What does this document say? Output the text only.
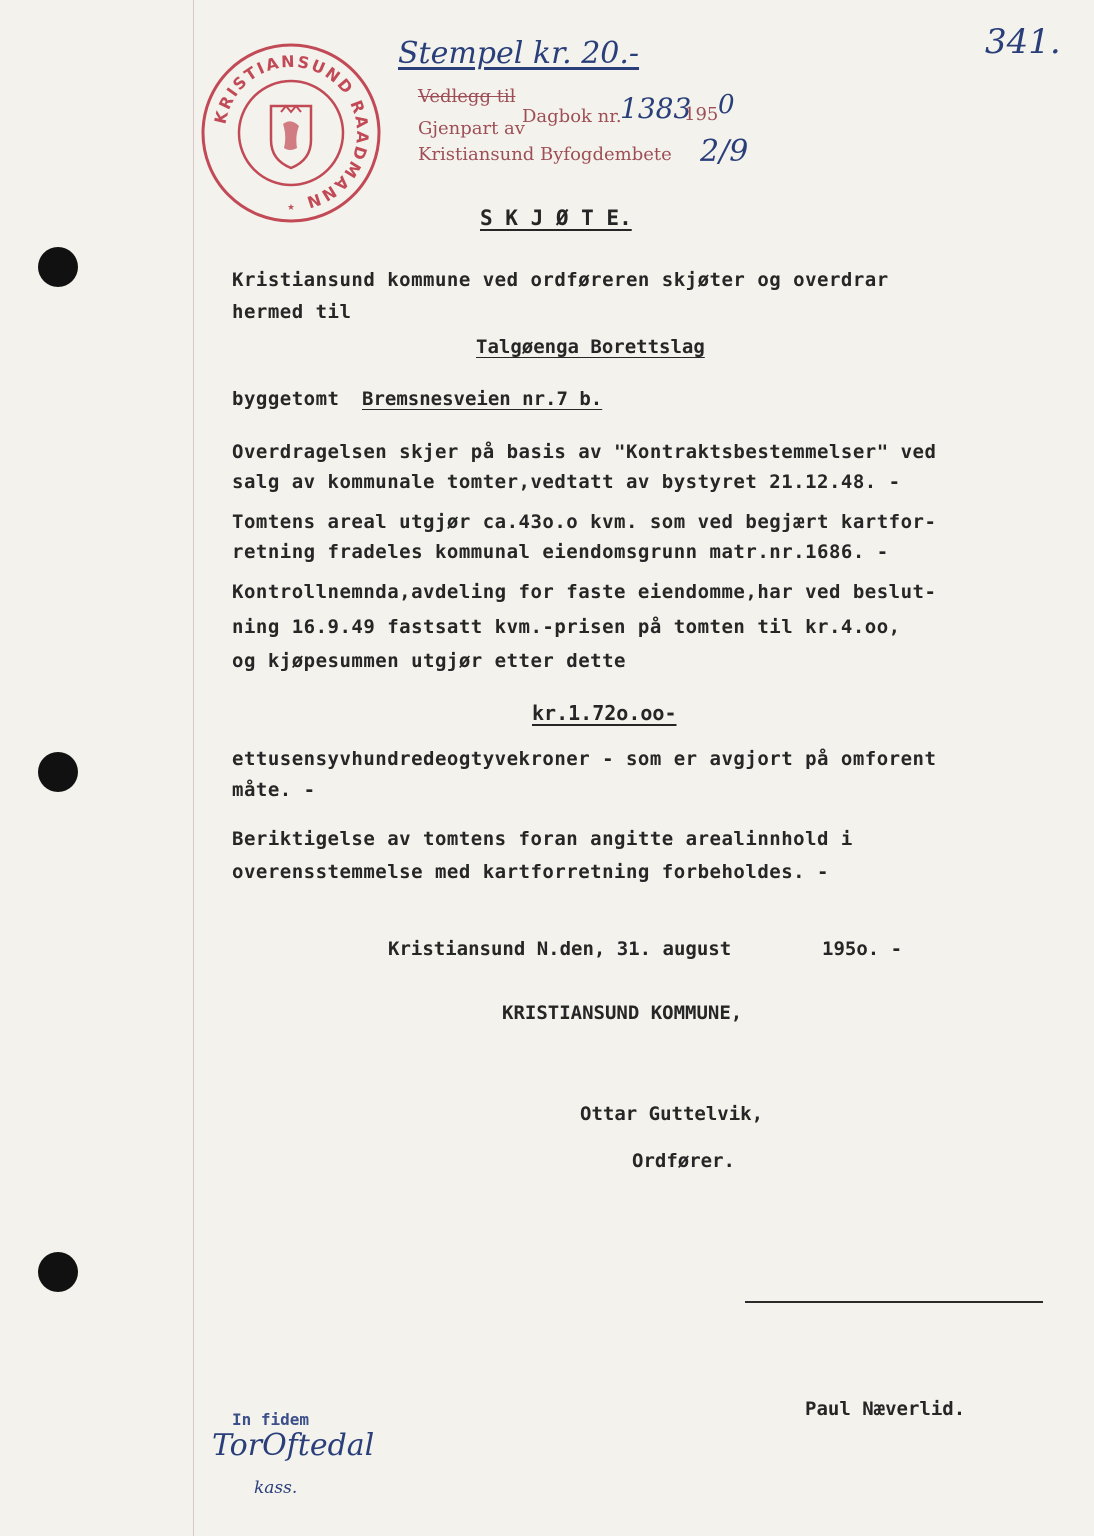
KRISTIANSUND RAADMANN
★
Stempel kr. 20.-	341.
Vedlegg til
Dagbok nr.
1383
195 0
Gjenpart av
Kristiansund Byfogdembete 2/9
S K J Ø T E.
Kristiansund kommune ved ordføreren skjøter og overdrar
hermed til
Talgøenga Borettslag
byggetomt Bremsnesveien nr.7 b.
Overdragelsen skjer på basis av "Kontraktsbestemmelser" ved
salg av kommunale tomter,vedtatt av bystyret 21.12.48. -
Tomtens areal utgjør ca.43o.o kvm. som ved begjært kartfor-
retning fradeles kommunal eiendomsgrunn matr.nr.1686. -
Kontrollnemnda,avdeling for faste eiendomme,har ved beslut-
ning 16.9.49 fastsatt kvm.-prisen på tomten til kr.4.oo,
og kjøpesummen utgjør etter dette
kr.1.72o.oo-
ettusensyvhundredeogtyvekroner - som er avgjort på omforent
måte. -
Beriktigelse av tomtens foran angitte arealinnhold i
overensstemmelse med kartforretning forbeholdes. -
Kristiansund N.den, 31. august	195o. -
KRISTIANSUND KOMMUNE,
Ottar Guttelvik,
Ordfører.
Paul Næverlid.
In fidem
TorOftedal
kass.
